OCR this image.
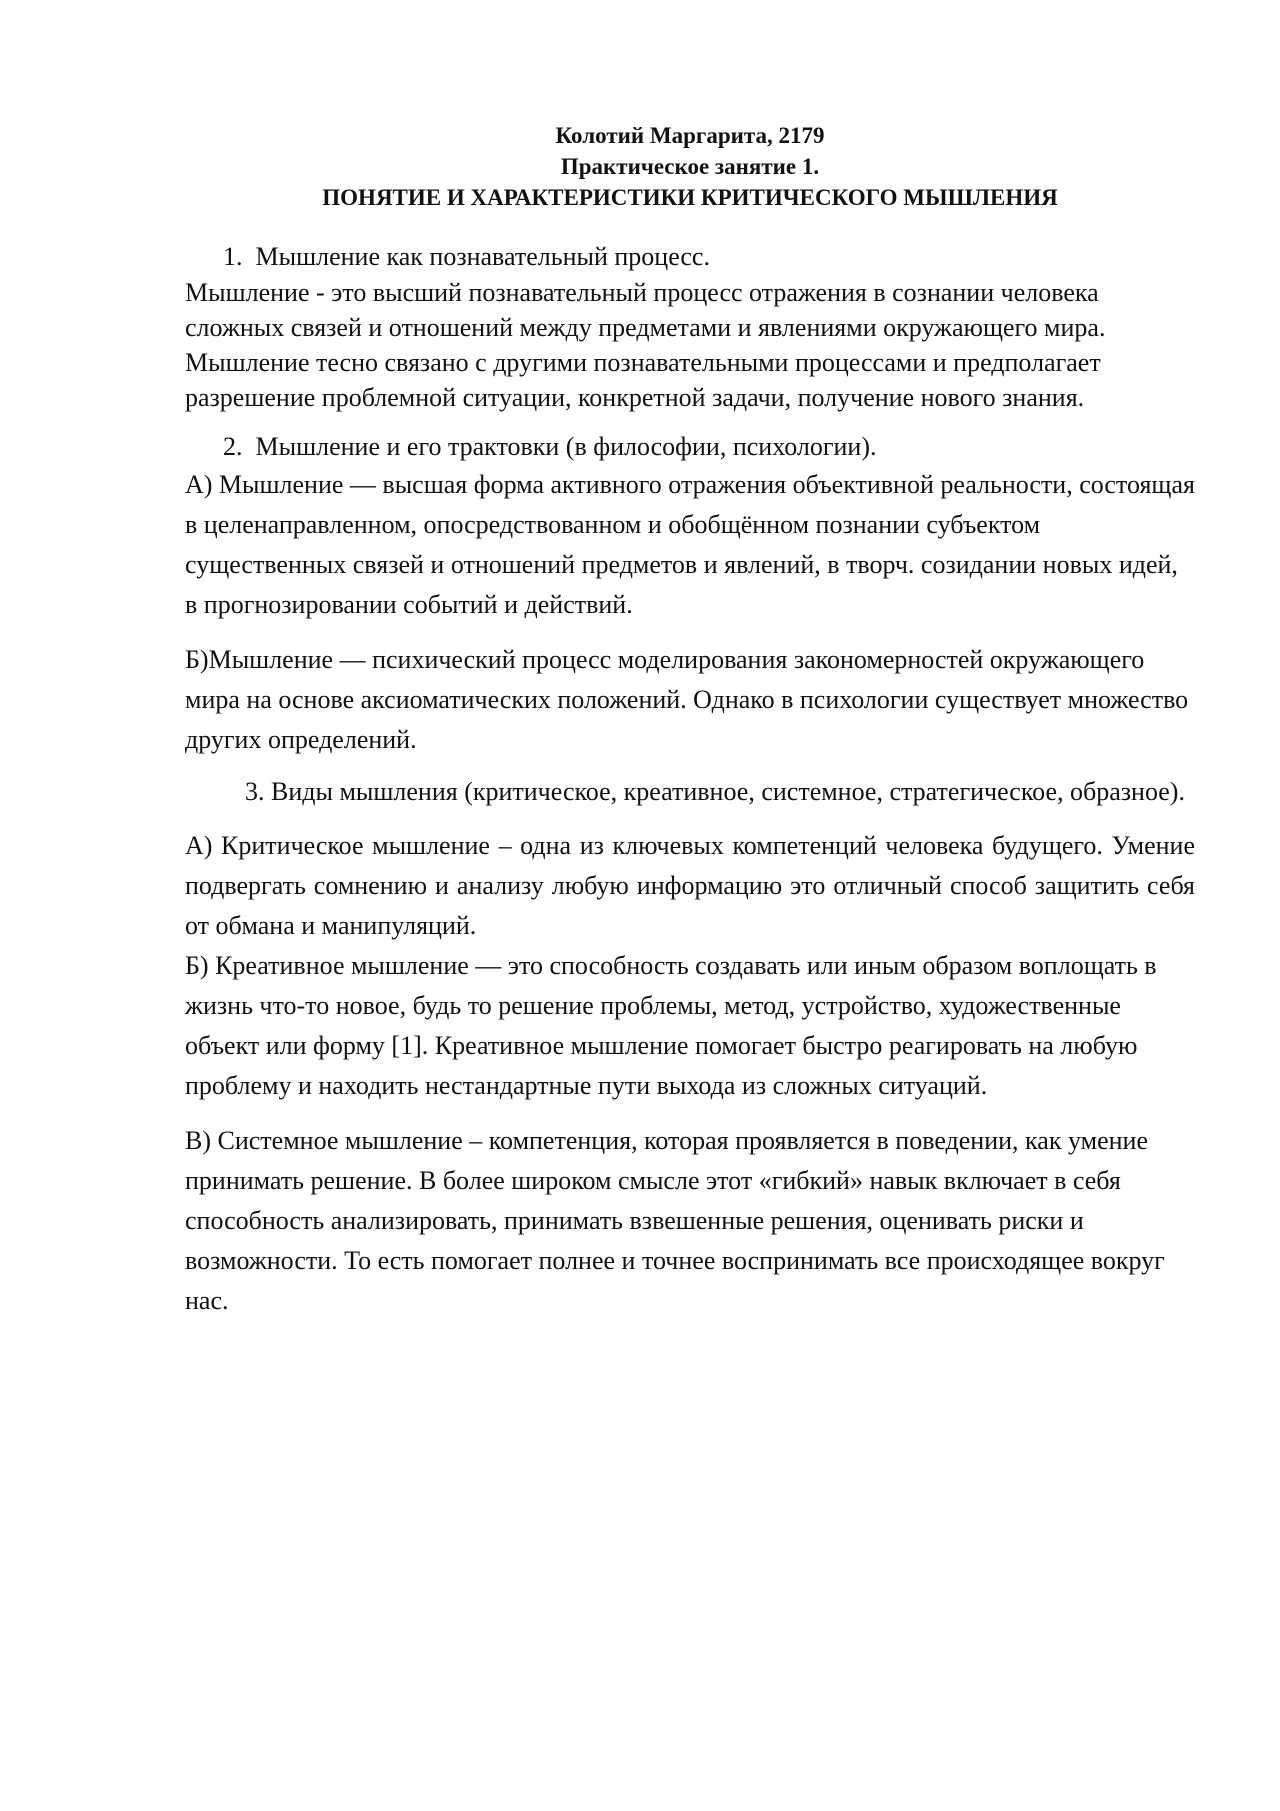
Колотий Маргарита, 2179

Практическое занятие 1.

ПОНЯТИЕ И ХАРАКТЕРИСТИКИ КРИТИЧЕСКОГО МЫШЛЕНИЯ

1. Мышление как познавательный процесс.

Мышление - это высший познавательный процесс отражения в сознании человека сложных связей и отношений между предметами и явлениями окружающего мира.

Мышление тесно связано с другими познавательными процессами и предполагает разрешение проблемной ситуации, конкретной задачи, получение нового знания.

2. Мышление и его трактовки (в философии, психологии).

А) Мышление — высшая форма активного отражения объективной реальности, состоящая в целенаправленном, опосредствованном и обобщённом познании субъектом существенных связей и отношений предметов и явлений, в творч. созидании новых идей, в прогнозировании событий и действий.

Б)Мышление — психический процесс моделирования закономерностей окружающего мира на основе аксиоматических положений. Однако в психологии существует множество других определений.

3. Виды мышления (критическое, креативное, системное, стратегическое, образное).

А) Критическое мышление – одна из ключевых компетенций человека будущего. Умение подвергать сомнению и анализу любую информацию это отличный способ защитить себя от обмана и манипуляций.

Б) Креативное мышление — это способность создавать или иным образом воплощать в жизнь что-то новое, будь то решение проблемы, метод, устройство, художественные объект или форму [1]. Креативное мышление помогает быстро реагировать на любую проблему и находить нестандартные пути выхода из сложных ситуаций.

В) Системное мышление – компетенция, которая проявляется в поведении, как умение принимать решение. В более широком смысле этот «гибкий» навык включает в себя способность анализировать, принимать взвешенные решения, оценивать риски и возможности. То есть помогает полнее и точнее воспринимать все происходящее вокруг нас.
